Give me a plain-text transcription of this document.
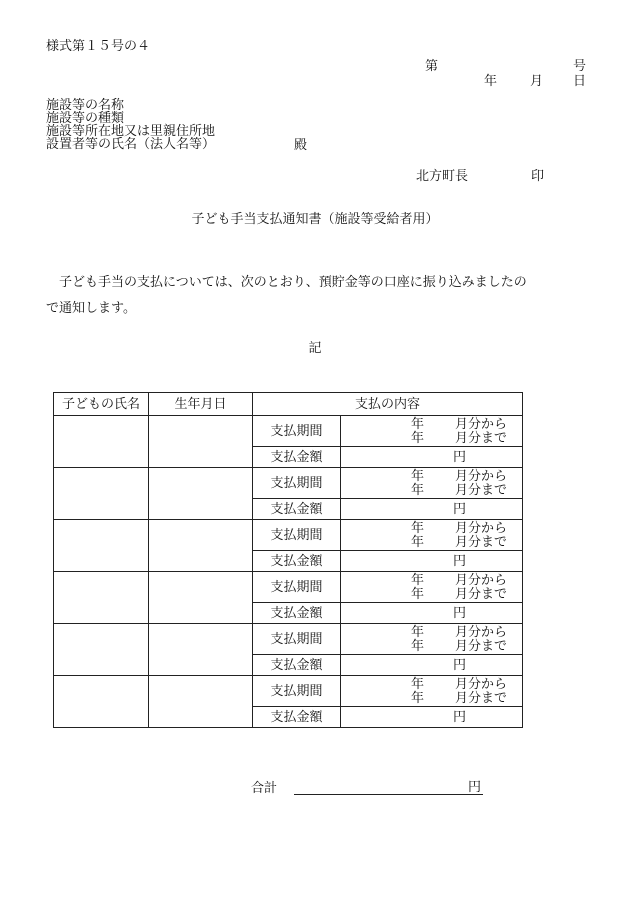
様式第１５号の４
第	号
年	月 日
施設等の名称
施設等の種類
施設等所在地又は里親住所地
設置者等の氏名（法人名等）	殿
北方町長	印
子ども手当支払通知書（施設等受給者用）
子ども手当の支払については、次のとおり、預貯金等の口座に振り込みましたの
で通知します。
記
子どもの氏名	生年月日	支払の内容	
		支払期間	年 月分から
年 月分まで

		支払金額	円

		支払期間	年 月分から
年 月分まで

		支払金額	円

		支払期間	年 月分から
年 月分まで

		支払金額	円

		支払期間	年 月分から
年 月分まで

		支払金額	円

		支払期間	年 月分から
年 月分まで

		支払金額	円

		支払期間	年 月分から
年 月分まで

		支払金額	円
合計	円
